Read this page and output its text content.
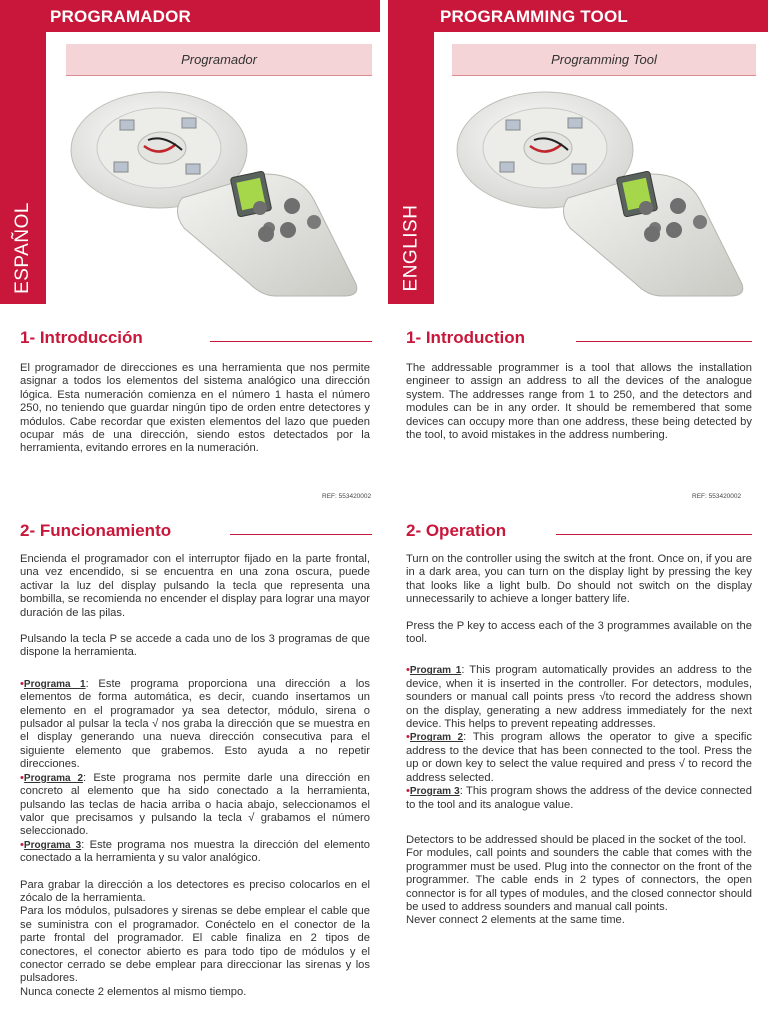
PROGRAMADOR
ESPAÑOL
Programador
1- Introducción

El programador de direcciones es una herramienta que nos permite asignar a todos los elementos del sistema analógico una dirección lógica. Esta numeración comienza en el número 1 hasta el número 250, no teniendo que guardar ningún tipo de orden entre detectores y módulos. Cabe recordar que existen elementos del lazo que pueden ocupar más de una dirección, siendo estos detectados por la herramienta, evitando errores en la numeración.

REF: 553420002
2- Funcionamiento

Encienda el programador con el interruptor fijado en la parte frontal, una vez encendido, si se encuentra en una zona oscura, puede activar la luz del display pulsando la tecla que representa una bombilla, se recomienda no encender el display para lograr una mayor duración de las pilas.

Pulsando la tecla P se accede a cada uno de los 3 programas de que dispone la herramienta.

•Programa 1: Este programa proporciona una dirección a los elementos de forma automática, es decir, cuando insertamos un elemento en el programador ya sea detector, módulo, sirena o pulsador al pulsar la tecla √ nos graba la dirección que se muestra en el display generando una nueva dirección consecutiva para el siguiente elemento que grabemos. Esto ayuda a no repetir direcciones.

•Programa 2: Este programa nos permite darle una dirección en concreto al elemento que ha sido conectado a la herramienta, pulsando las teclas de hacia arriba o hacia abajo, seleccionamos el valor que precisamos y pulsando la tecla √ grabamos el número seleccionado.

•Programa 3: Este programa nos muestra la dirección del elemento conectado a la herramienta y su valor analógico.

Para grabar la dirección a los detectores es preciso colocarlos en el zócalo de la herramienta.

Para los módulos, pulsadores y sirenas se debe emplear el cable que se suministra con el programador. Conéctelo en el conector de la parte frontal del programador. El cable finaliza en 2 tipos de conectores, el conector abierto es para todo tipo de módulos y el conector cerrado se debe emplear para direccionar las sirenas y los pulsadores.

Nunca conecte 2 elementos al mismo tiempo.

PROGRAMMING TOOL
ENGLISH
Programming Tool
1- Introduction

The addressable programmer is a tool that allows the installation engineer to assign an address to all the devices of the analogue system. The addresses range from 1 to 250, and the detectors and modules can be in any order. It should be remembered that some devices can occupy more than one address, these being detected by the tool, to avoid mistakes in the address numbering.

REF: 553420002
2- Operation

Turn on the controller using the switch at the front. Once on, if you are in a dark area, you can turn on the display light by pressing the key that looks like a light bulb. Do should not switch on the display unnecessarily to achieve a longer battery life.

Press the P key to access each of the 3 programmes available on the tool.

•Program 1: This program automatically provides an address to the device, when it is inserted in the controller. For detectors, modules, sounders or manual call points press √to record the address shown on the display, generating a new address immediately for the next device. This helps to prevent repeating addresses.

•Program 2: This program allows the operator to give a specific address to the device that has been connected to the tool. Press the up or down key to select the value required and press √ to record the address selected.

•Program 3: This program shows the address of the device connected to the tool and its analogue value.

Detectors to be addressed should be placed in the socket of the tool.

For modules, call points and sounders the cable that comes with the programmer must be used. Plug into the connector on the front of the programmer. The cable ends in 2 types of connectors, the open connector is for all types of modules, and the closed connector should be used to address sounders and manual call points.

Never connect 2 elements at the same time.
